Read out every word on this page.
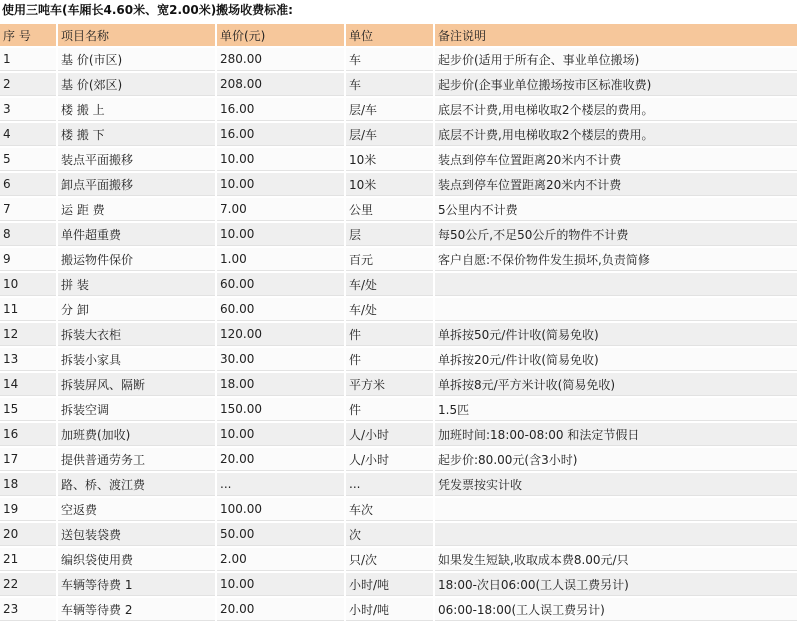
使用三吨车(车厢长4.60米、宽2.00米)搬场收费标准:
序 号	项目名称	单价(元)	单位	备注说明
1	基 价(市区)	280.00	车	起步价(适用于所有企、事业单位搬场)
2	基 价(郊区)	208.00	车	起步价(企事业单位搬场按市区标准收费)
3	楼 搬 上	16.00	层/车	底层不计费,用电梯收取2个楼层的费用。
4	楼 搬 下	16.00	层/车	底层不计费,用电梯收取2个楼层的费用。
5	装点平面搬移	10.00	10米	装点到停车位置距离20米内不计费
6	卸点平面搬移	10.00	10米	装点到停车位置距离20米内不计费
7	运 距 费	7.00	公里	5公里内不计费
8	单件超重费	10.00	层	每50公斤,不足50公斤的物件不计费
9	搬运物件保价	1.00	百元	客户自愿:不保价物件发生损坏,负责简修
10	拼 装	60.00	车/处	
11	分 卸	60.00	车/处	
12	拆装大衣柜	120.00	件	单拆按50元/件计收(简易免收)
13	拆装小家具	30.00	件	单拆按20元/件计收(简易免收)
14	拆装屏风、隔断	18.00	平方米	单拆按8元/平方米计收(简易免收)
15	拆装空调	150.00	件	1.5匹
16	加班费(加收)	10.00	人/小时	加班时间:18:00-08:00 和法定节假日
17	提供普通劳务工	20.00	人/小时	起步价:80.00元(含3小时)
18	路、桥、渡江费	...	...	凭发票按实计收
19	空返费	100.00	车次	
20	送包装袋费	50.00	次	
21	编织袋使用费	2.00	只/次	如果发生短缺,收取成本费8.00元/只
22	车辆等待费 1	10.00	小时/吨	18:00-次日06:00(工人误工费另计)
23	车辆等待费 2	20.00	小时/吨	06:00-18:00(工人误工费另计)
